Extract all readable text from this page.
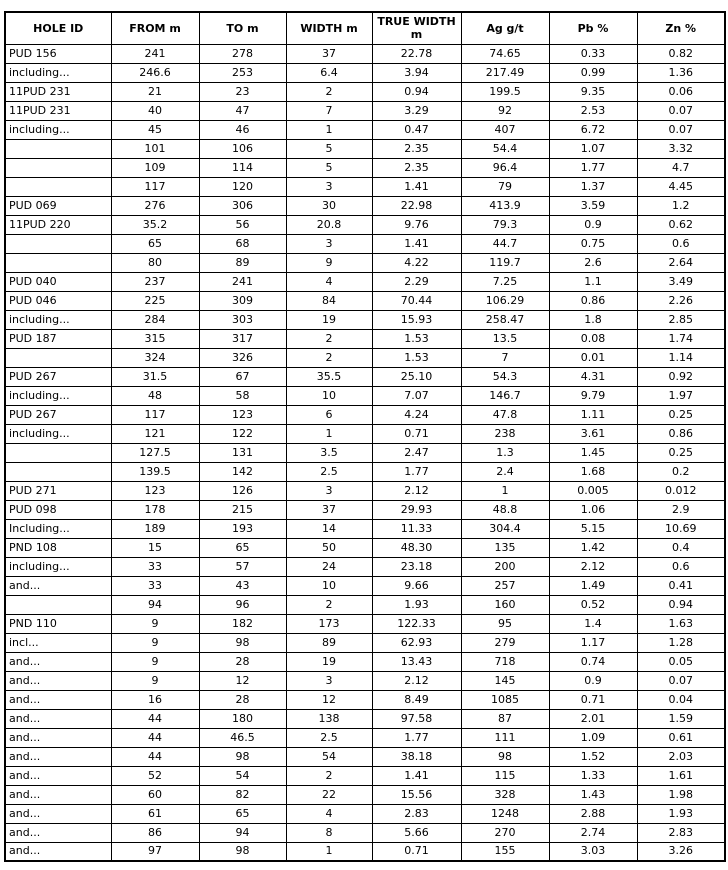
HOLE ID	FROM m	TO m	WIDTH m	TRUE WIDTH m	Ag g/t	Pb %	Zn %
PUD 156	241	278	37	22.78	74.65	0.33	0.82
including...	246.6	253	6.4	3.94	217.49	0.99	1.36
11PUD 231	21	23	2	0.94	199.5	9.35	0.06
11PUD 231	40	47	7	3.29	92	2.53	0.07
including...	45	46	1	0.47	407	6.72	0.07
	101	106	5	2.35	54.4	1.07	3.32
	109	114	5	2.35	96.4	1.77	4.7
	117	120	3	1.41	79	1.37	4.45
PUD 069	276	306	30	22.98	413.9	3.59	1.2
11PUD 220	35.2	56	20.8	9.76	79.3	0.9	0.62
	65	68	3	1.41	44.7	0.75	0.6
	80	89	9	4.22	119.7	2.6	2.64
PUD 040	237	241	4	2.29	7.25	1.1	3.49
PUD 046	225	309	84	70.44	106.29	0.86	2.26
including...	284	303	19	15.93	258.47	1.8	2.85
PUD 187	315	317	2	1.53	13.5	0.08	1.74
	324	326	2	1.53	7	0.01	1.14
PUD 267	31.5	67	35.5	25.10	54.3	4.31	0.92
including...	48	58	10	7.07	146.7	9.79	1.97
PUD 267	117	123	6	4.24	47.8	1.11	0.25
including...	121	122	1	0.71	238	3.61	0.86
	127.5	131	3.5	2.47	1.3	1.45	0.25
	139.5	142	2.5	1.77	2.4	1.68	0.2
PUD 271	123	126	3	2.12	1	0.005	0.012
PUD 098	178	215	37	29.93	48.8	1.06	2.9
Including...	189	193	14	11.33	304.4	5.15	10.69
PND 108	15	65	50	48.30	135	1.42	0.4
including...	33	57	24	23.18	200	2.12	0.6
and...	33	43	10	9.66	257	1.49	0.41
	94	96	2	1.93	160	0.52	0.94
PND 110	9	182	173	122.33	95	1.4	1.63
incl...	9	98	89	62.93	279	1.17	1.28
and...	9	28	19	13.43	718	0.74	0.05
and...	9	12	3	2.12	145	0.9	0.07
and...	16	28	12	8.49	1085	0.71	0.04
and...	44	180	138	97.58	87	2.01	1.59
and...	44	46.5	2.5	1.77	111	1.09	0.61
and...	44	98	54	38.18	98	1.52	2.03
and...	52	54	2	1.41	115	1.33	1.61
and...	60	82	22	15.56	328	1.43	1.98
and...	61	65	4	2.83	1248	2.88	1.93
and...	86	94	8	5.66	270	2.74	2.83
and...	97	98	1	0.71	155	3.03	3.26
